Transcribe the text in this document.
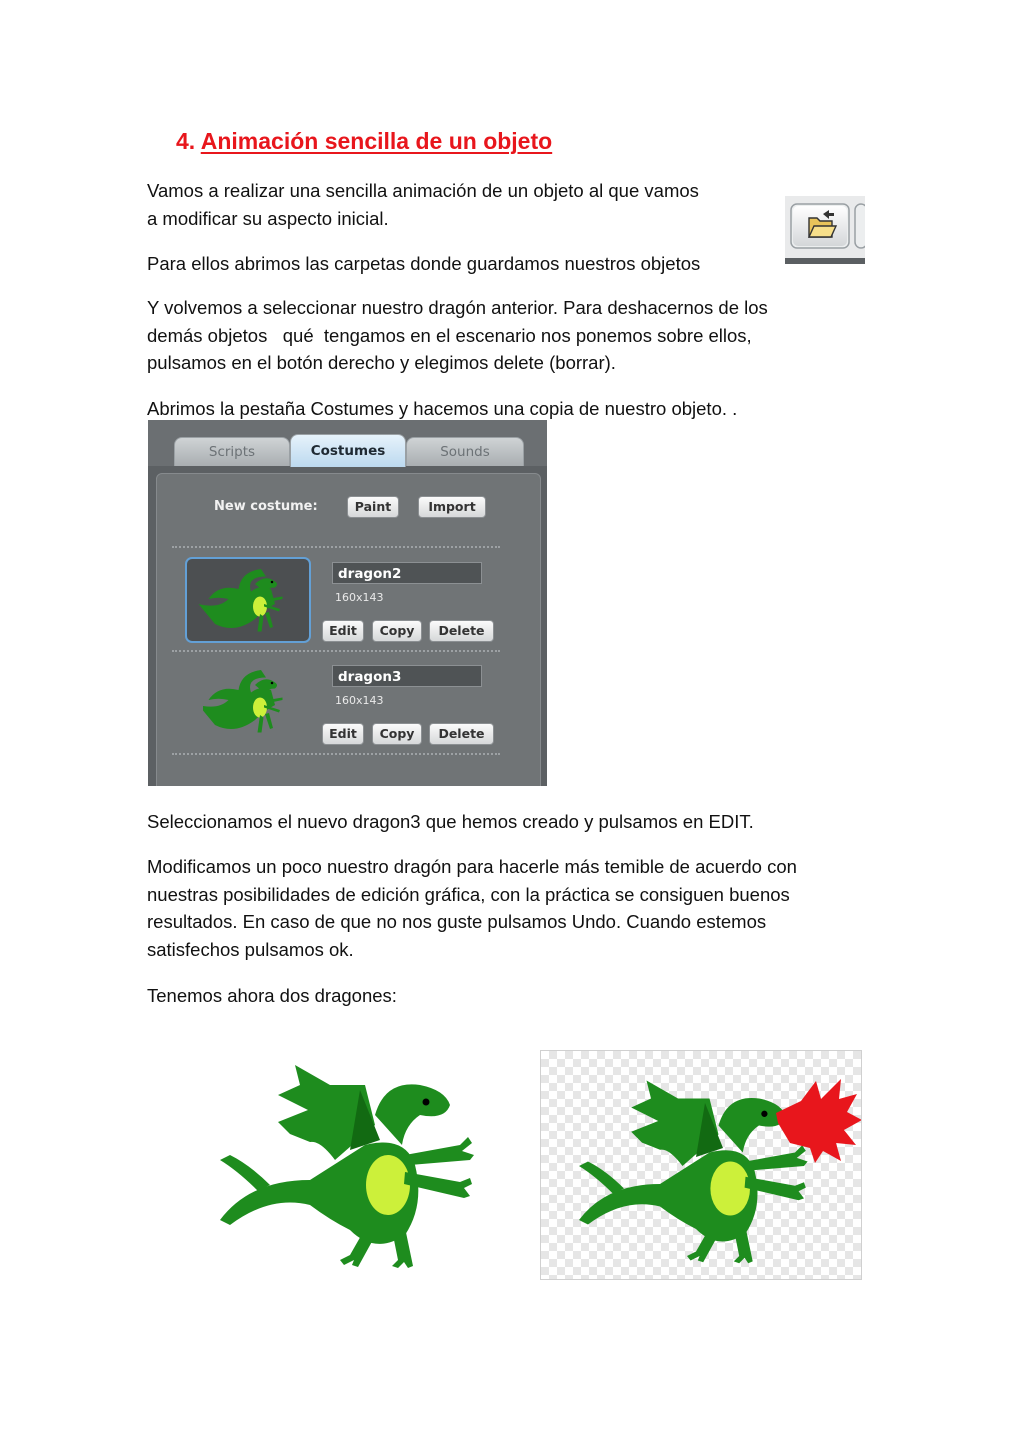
4. Animación sencilla de un objeto

Vamos a realizar una sencilla animación de un objeto al que vamos
a modificar su aspecto inicial.

Para ellos abrimos las carpetas donde guardamos nuestros objetos

Y volvemos a seleccionar nuestro dragón anterior. Para deshacernos de los
demás objetos   qué  tengamos en el escenario nos ponemos sobre ellos,
pulsamos en el botón derecho y elegimos delete (borrar).

Abrimos la pestaña Costumes y hacemos una copia de nuestro objeto. .

Scripts	Costumes	Sounds
New costume:	Paint	Import
dragon2
160x143
Edit	Copy	Delete
dragon3
160x143
Edit	Copy	Delete

Seleccionamos el nuevo dragon3 que hemos creado y pulsamos en EDIT.

Modificamos un poco nuestro dragón para hacerle más temible de acuerdo con
nuestras posibilidades de edición gráfica, con la práctica se consiguen buenos
resultados. En caso de que no nos guste pulsamos Undo. Cuando estemos
satisfechos pulsamos ok.

Tenemos ahora dos dragones:
